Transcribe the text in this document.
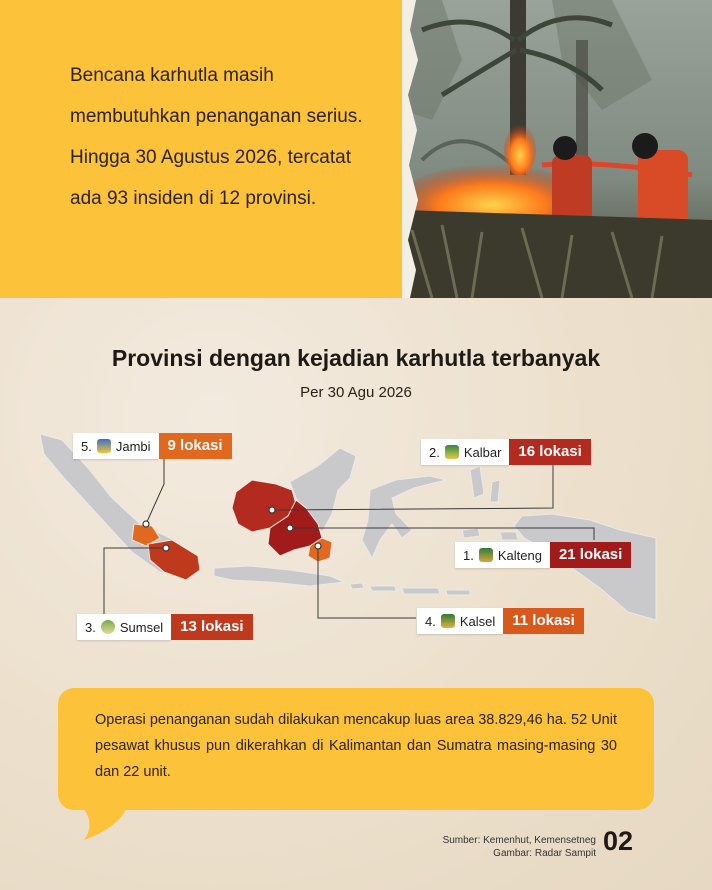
Bencana karhutla masih membutuhkan penanganan serius. Hingga 30 Agustus 2026, tercatat ada 93 insiden di 12 provinsi.

Provinsi dengan kejadian karhutla terbanyak

Per 30 Agu 2026

5. Jambi	9 lokasi	2. Kalbar	16 lokasi
1. Kalteng	21 lokasi
3. Sumsel	13 lokasi	4. Kalsel	11 lokasi

Operasi penanganan sudah dilakukan mencakup luas area 38.829,46 ha. 52 Unit pesawat khusus pun dikerahkan di Kalimantan dan Sumatra masing-masing 30 dan 22 unit.

Sumber: Kemenhut, Kemensetneg
Gambar: Radar Sampit 02
